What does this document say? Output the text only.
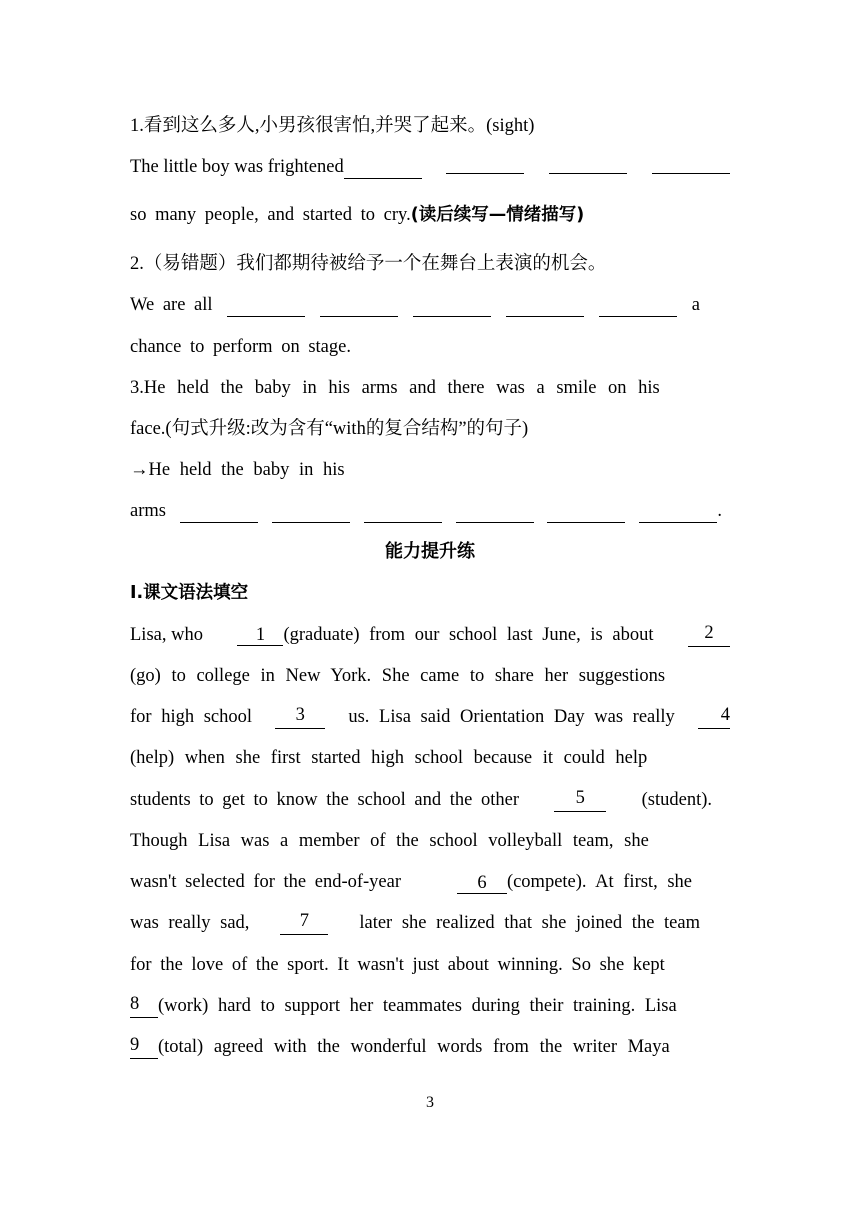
1.看到这么多人,小男孩很害怕,并哭了起来。(sight)
The little boy was frightened
so many people, and started to cry. (读后续写—情绪描写)
2.（易错题）我们都期待被给予一个在舞台上表演的机会。
We are all	a
chance to perform on stage.
3.He held the baby in his arms and there was a smile on his
face.(句式升级:改为含有“with的复合结构”的句子)
→He held the baby in his
arms	.
能力提升练
Ⅰ.课文语法填空
Lisa, who	1 (graduate) from our school last June, is about	2
(go) to college in New York. She came to share her suggestions
for high school	3	us. Lisa said Orientation Day was really	4
(help) when she first started high school because it could help
students to get to know the school and the other	5	(student).
Though Lisa was a member of the school volleyball team, she
wasn't selected for the end-of-year	6	(compete). At first, she
was really sad,	7	later she realized that she joined the team
for the love of the sport. It wasn't just about winning. So she kept
8	(work) hard to support her teammates during their training. Lisa
9	(total) agreed with the wonderful words from the writer Maya
3
